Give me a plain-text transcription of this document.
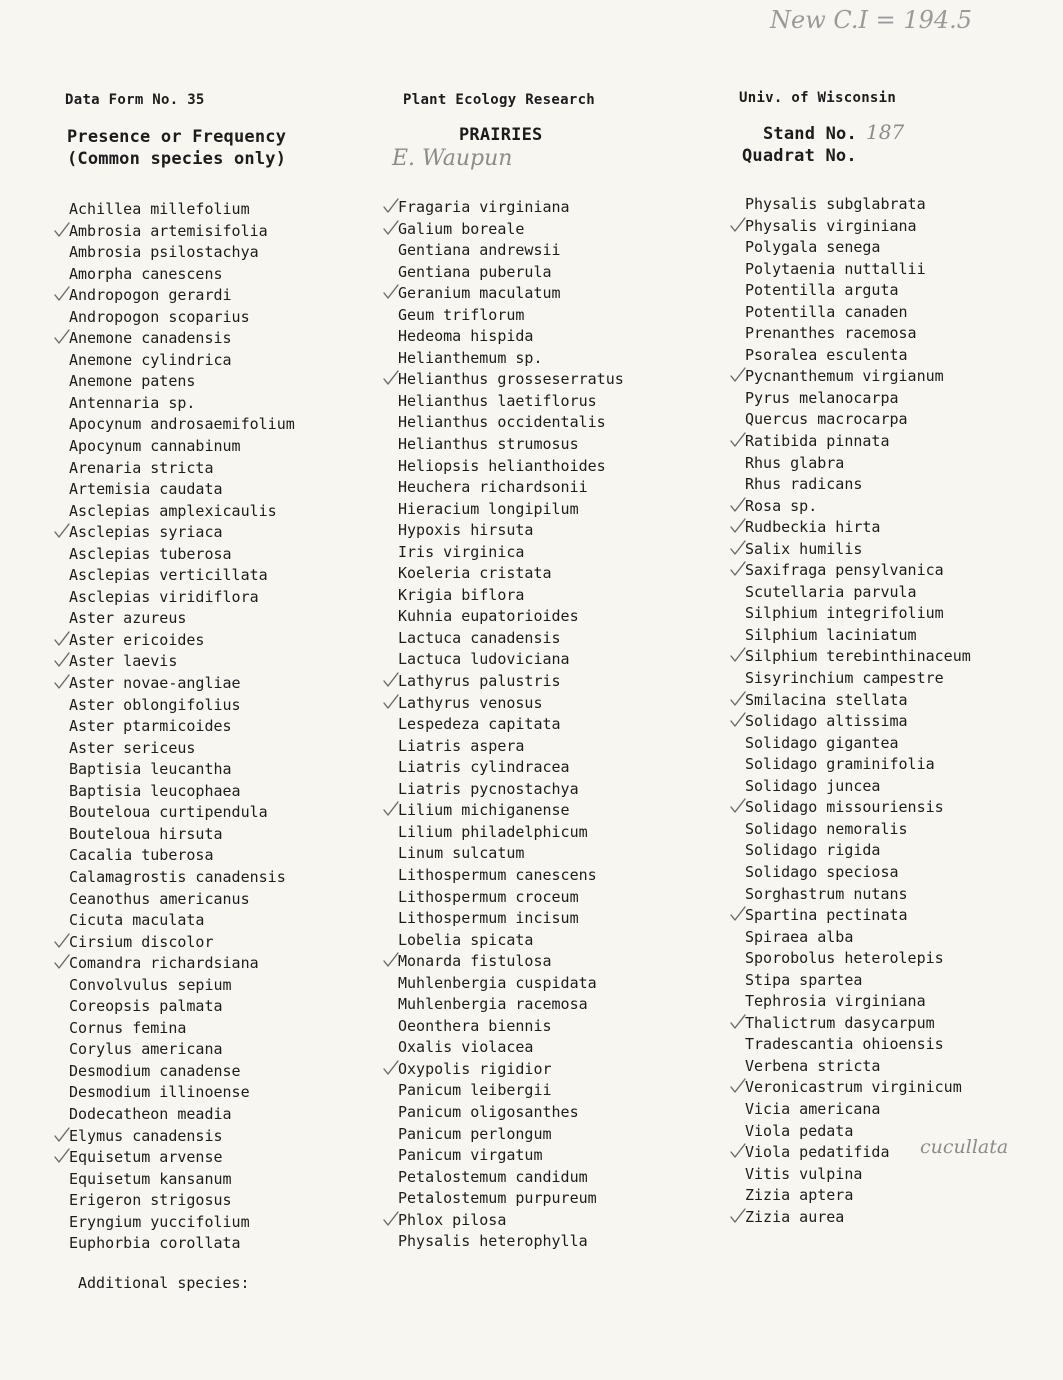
New C.I = 194.5
187
E. Waupun
cucullata
Data Form No. 35	Plant Ecology Research	Univ. of Wisconsin
Presence or Frequency
(Common species only)
PRAIRIES	Stand No.
Quadrat No.
Achillea millefolium
Ambrosia artemisifolia
Ambrosia psilostachya
Amorpha canescens
Andropogon gerardi
Andropogon scoparius
Anemone canadensis
Anemone cylindrica
Anemone patens
Antennaria sp.
Apocynum androsaemifolium
Apocynum cannabinum
Arenaria stricta
Artemisia caudata
Asclepias amplexicaulis
Asclepias syriaca
Asclepias tuberosa
Asclepias verticillata
Asclepias viridiflora
Aster azureus
Aster ericoides
Aster laevis
Aster novae-angliae
Aster oblongifolius
Aster ptarmicoides
Aster sericeus
Baptisia leucantha
Baptisia leucophaea
Bouteloua curtipendula
Bouteloua hirsuta
Cacalia tuberosa
Calamagrostis canadensis
Ceanothus americanus
Cicuta maculata
Cirsium discolor
Comandra richardsiana
Convolvulus sepium
Coreopsis palmata
Cornus femina
Corylus americana
Desmodium canadense
Desmodium illinoense
Dodecatheon meadia
Elymus canadensis
Equisetum arvense
Equisetum kansanum
Erigeron strigosus
Eryngium yuccifolium
Euphorbia corollata
Fragaria virginiana
Galium boreale
Gentiana andrewsii
Gentiana puberula
Geranium maculatum
Geum triflorum
Hedeoma hispida
Helianthemum sp.
Helianthus grosseserratus
Helianthus laetiflorus
Helianthus occidentalis
Helianthus strumosus
Heliopsis helianthoides
Heuchera richardsonii
Hieracium longipilum
Hypoxis hirsuta
Iris virginica
Koeleria cristata
Krigia biflora
Kuhnia eupatorioides
Lactuca canadensis
Lactuca ludoviciana
Lathyrus palustris
Lathyrus venosus
Lespedeza capitata
Liatris aspera
Liatris cylindracea
Liatris pycnostachya
Lilium michiganense
Lilium philadelphicum
Linum sulcatum
Lithospermum canescens
Lithospermum croceum
Lithospermum incisum
Lobelia spicata
Monarda fistulosa
Muhlenbergia cuspidata
Muhlenbergia racemosa
Oeonthera biennis
Oxalis violacea
Oxypolis rigidior
Panicum leibergii
Panicum oligosanthes
Panicum perlongum
Panicum virgatum
Petalostemum candidum
Petalostemum purpureum
Phlox pilosa
Physalis heterophylla
Physalis subglabrata
Physalis virginiana
Polygala senega
Polytaenia nuttallii
Potentilla arguta
Potentilla canaden
Prenanthes racemosa
Psoralea esculenta
Pycnanthemum virgianum
Pyrus melanocarpa
Quercus macrocarpa
Ratibida pinnata
Rhus glabra
Rhus radicans
Rosa sp.
Rudbeckia hirta
Salix humilis
Saxifraga pensylvanica
Scutellaria parvula
Silphium integrifolium
Silphium laciniatum
Silphium terebinthinaceum
Sisyrinchium campestre
Smilacina stellata
Solidago altissima
Solidago gigantea
Solidago graminifolia
Solidago juncea
Solidago missouriensis
Solidago nemoralis
Solidago rigida
Solidago speciosa
Sorghastrum nutans
Spartina pectinata
Spiraea alba
Sporobolus heterolepis
Stipa spartea
Tephrosia virginiana
Thalictrum dasycarpum
Tradescantia ohioensis
Verbena stricta
Veronicastrum virginicum
Vicia americana
Viola pedata
Viola pedatifida
Vitis vulpina
Zizia aptera
Zizia aurea
Additional species:
